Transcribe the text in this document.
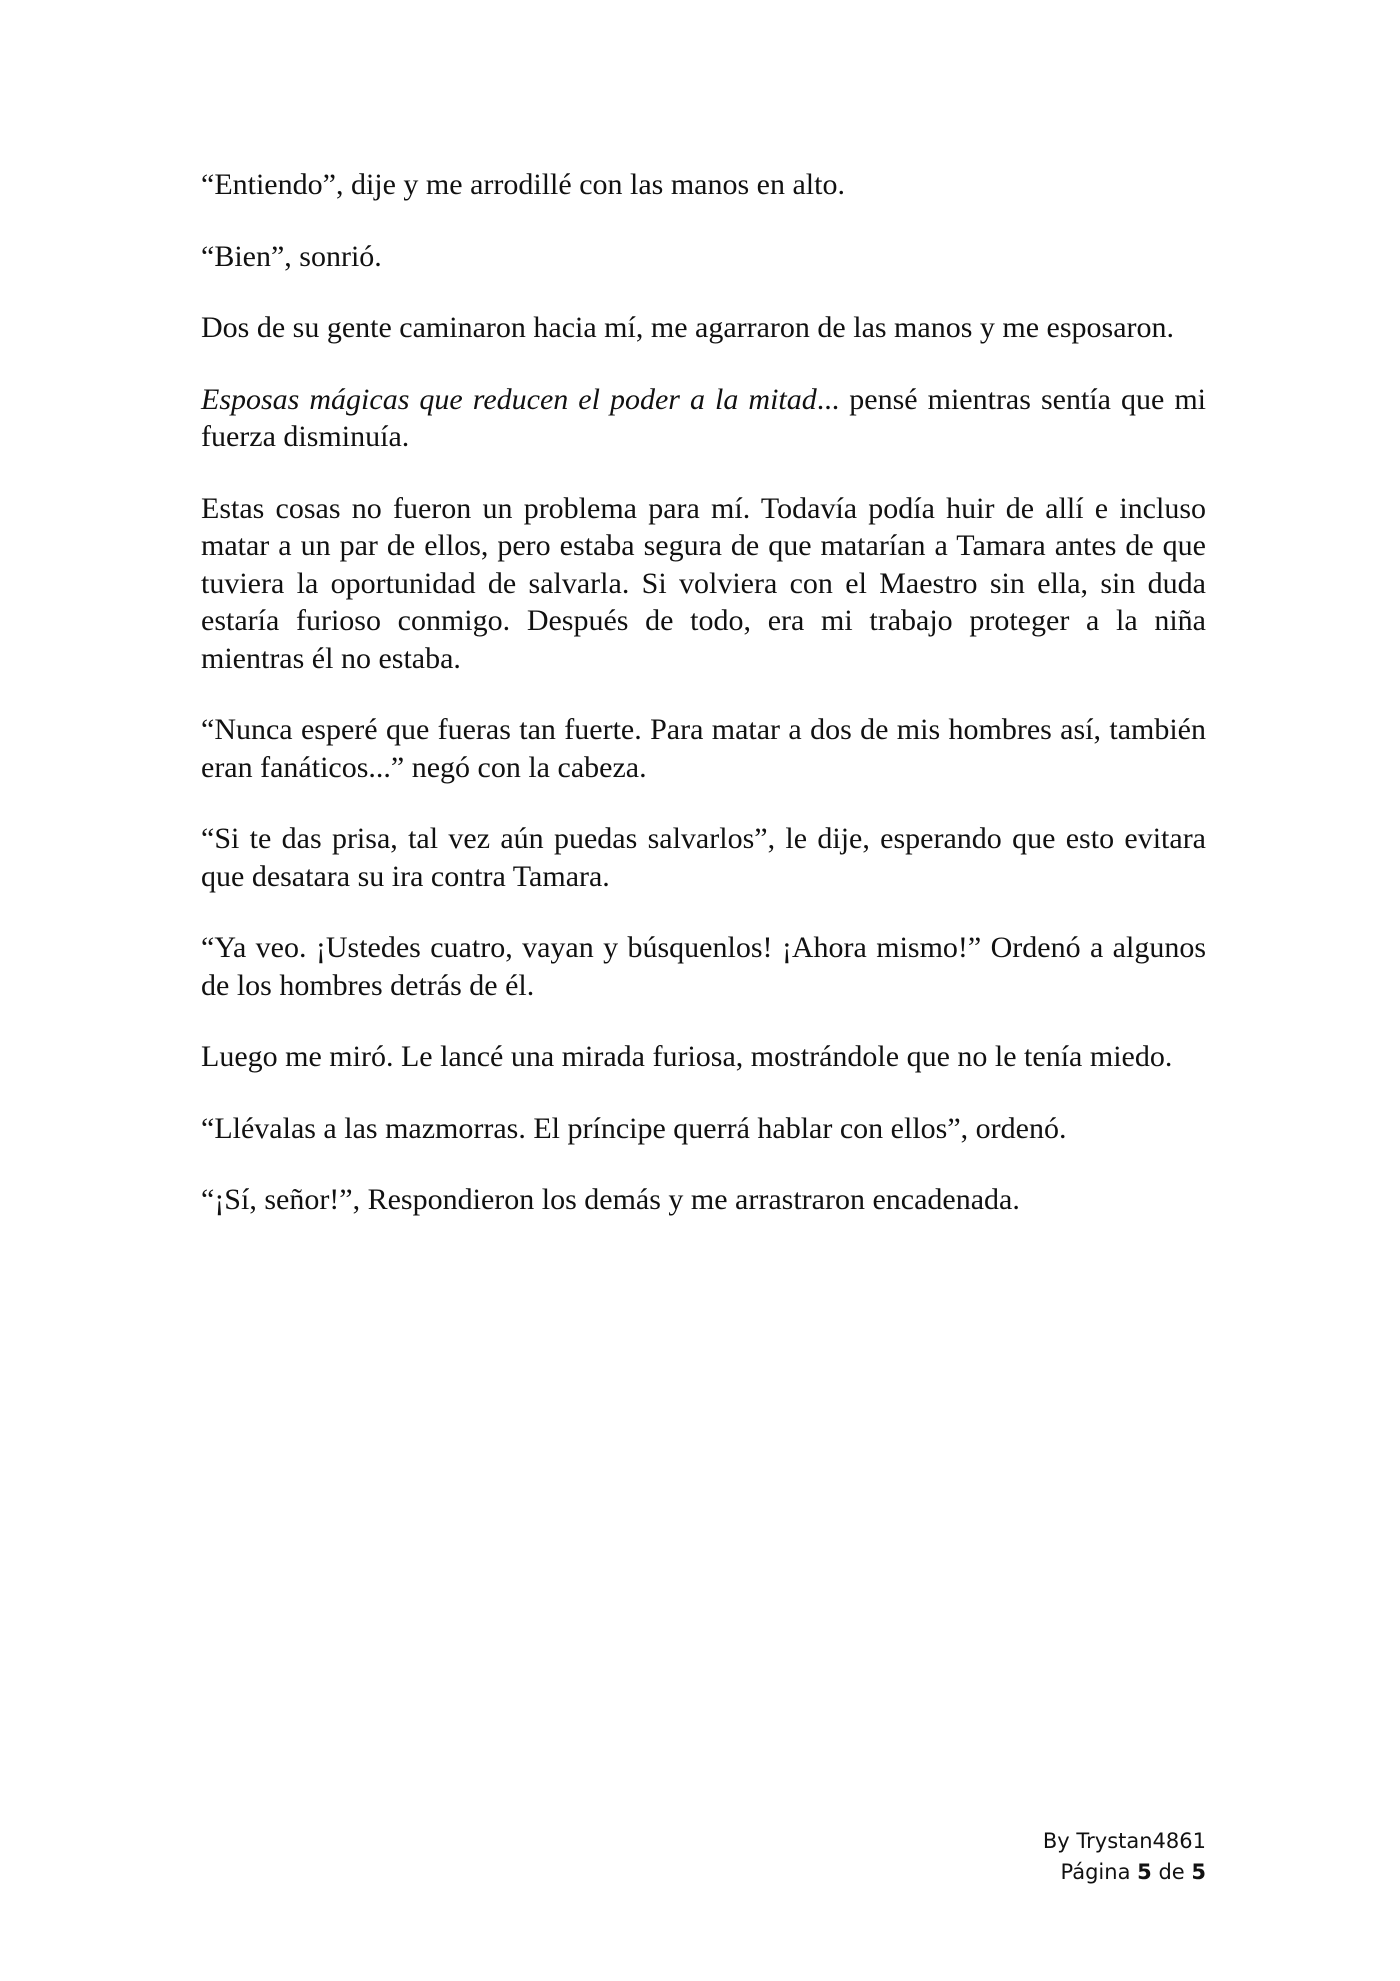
“Entiendo”, dije y me arrodillé con las manos en alto.

“Bien”, sonrió.

Dos de su gente caminaron hacia mí, me agarraron de las manos y me esposaron.

Esposas mágicas que reducen el poder a la mitad... pensé mientras sentía que mi fuerza disminuía.

Estas cosas no fueron un problema para mí. Todavía podía huir de allí e incluso matar a un par de ellos, pero estaba segura de que matarían a Tamara antes de que tuviera la oportunidad de salvarla. Si volviera con el Maestro sin ella, sin duda estaría furioso conmigo. Después de todo, era mi trabajo proteger a la niña mientras él no estaba.

“Nunca esperé que fueras tan fuerte. Para matar a dos de mis hombres así, también eran fanáticos...” negó con la cabeza.

“Si te das prisa, tal vez aún puedas salvarlos”, le dije, esperando que esto evitara que desatara su ira contra Tamara.

“Ya veo. ¡Ustedes cuatro, vayan y búsquenlos! ¡Ahora mismo!” Ordenó a algunos de los hombres detrás de él.

Luego me miró. Le lancé una mirada furiosa, mostrándole que no le tenía miedo.

“Llévalas a las mazmorras. El príncipe querrá hablar con ellos”, ordenó.

“¡Sí, señor!”, Respondieron los demás y me arrastraron encadenada.

By Trystan4861
Página 5 de 5
